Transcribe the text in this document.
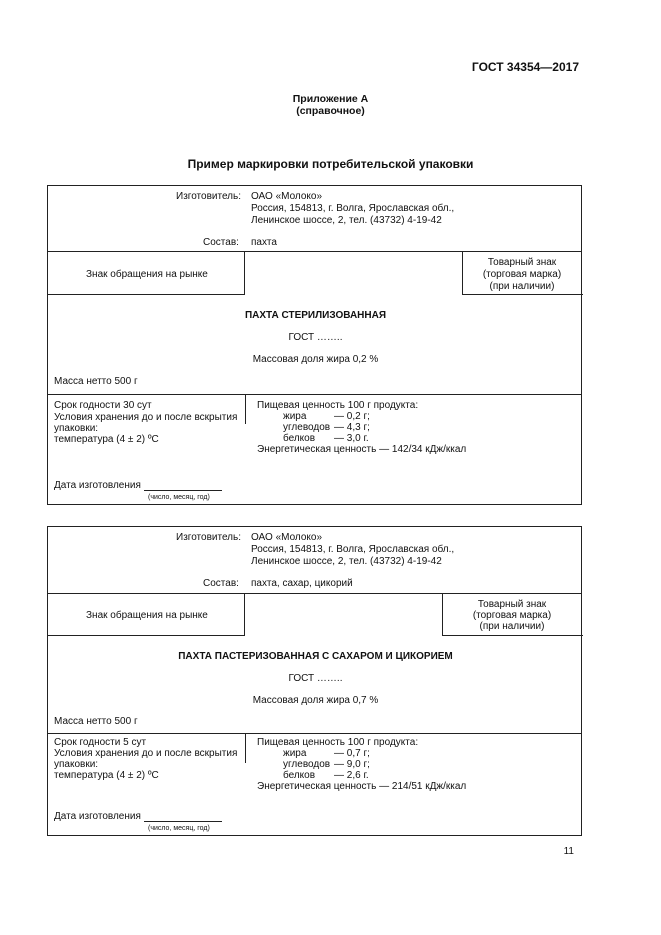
ГОСТ 34354—2017
Приложение А
(справочное)
Пример маркировки потребительской упаковки
Изготовитель: ОАО «Молоко»
Россия, 154813, г. Волга, Ярославская обл.,
Ленинское шоссе, 2, тел. (43732) 4-19-42
Состав: пахта
Знак обращения на рынке
Товарный знак
(торговая марка)
(при наличии)
ПАХТА СТЕРИЛИЗОВАННАЯ
ГОСТ ……..
Массовая доля жира 0,2 %
Масса нетто 500 г
Срок годности 30 сут
Условия хранения до и после вскрытия
упаковки:
температура (4 ± 2) ºС
Пищевая ценность 100 г продукта:
жира	— 0,2 г;
углеводов — 4,3 г;
белков — 3,0 г.
Энергетическая ценность — 142/34 кДж/ккал
Дата изготовления
(число, месяц, год)
Изготовитель: ОАО «Молоко»
Россия, 154813, г. Волга, Ярославская обл.,
Ленинское шоссе, 2, тел. (43732) 4-19-42
Состав: пахта, сахар, цикорий
Знак обращения на рынке
Товарный знак
(торговая марка)
(при наличии)
ПАХТА ПАСТЕРИЗОВАННАЯ С САХАРОМ И ЦИКОРИЕМ
ГОСТ ……..
Массовая доля жира 0,7 %
Масса нетто 500 г
Срок годности 5 сут
Условия хранения до и после вскрытия
упаковки:
температура (4 ± 2) ºС
Пищевая ценность 100 г продукта:
жира	— 0,7 г;
углеводов — 9,0 г;
белков — 2,6 г.
Энергетическая ценность — 214/51 кДж/ккал
Дата изготовления
(число, месяц, год)
11
